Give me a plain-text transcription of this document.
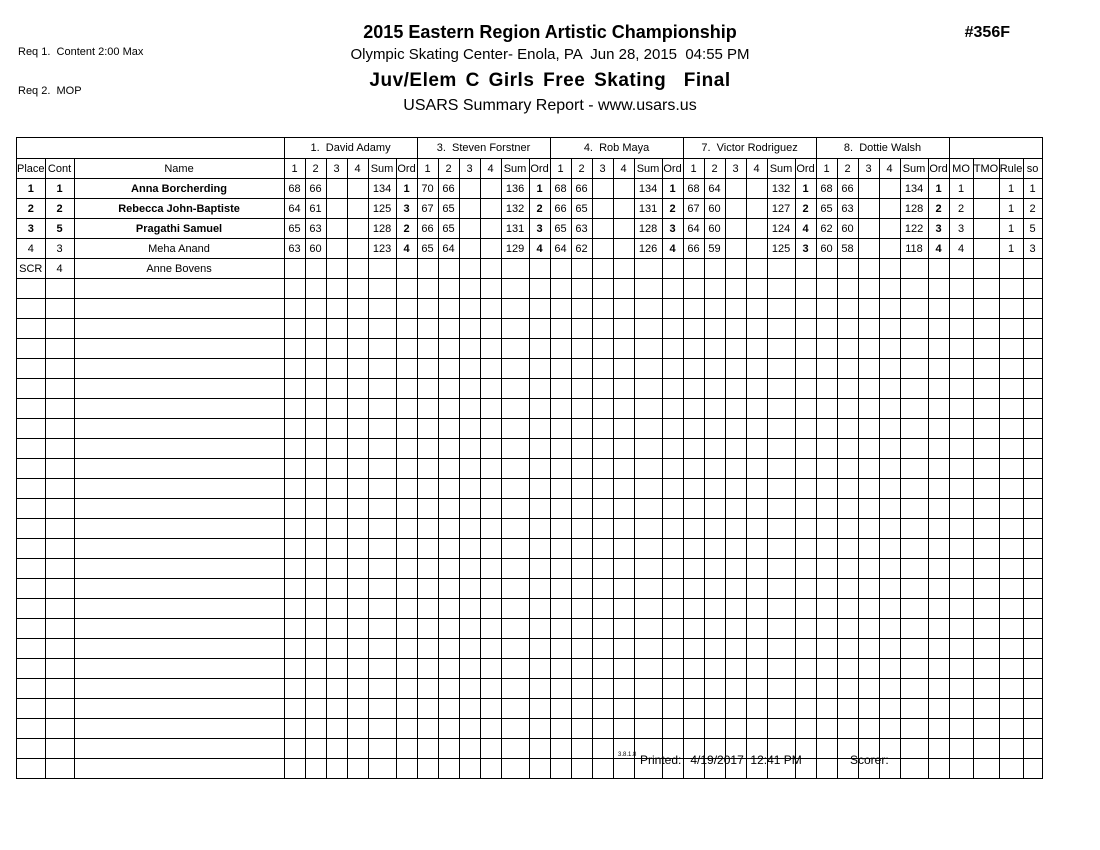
Req 1.  Content 2:00 Max

Req 2.  MOP

2015 Eastern Region Artistic Championship
Olympic Skating Center- Enola, PA  Jun 28, 2015  04:55 PM
Juv/Elem C Girls Free Skating  Final
USARS Summary Report - www.usars.us
#356F
			1.  David Adamy						3.  Steven Forstner						4.  Rob Maya						7.  Victor Rodriguez						8.  Dottie Walsh									
Place	Cont	Name	1	2	3	4	Sum	Ord	1	2	3	4	Sum	Ord	1	2	3	4	Sum	Ord	1	2	3	4	Sum	Ord	1	2	3	4	Sum	Ord	MO	TMO	Rule	so
1	1	Anna Borcherding	68	66			134	1	70	66			136	1	68	66			134	1	68	64			132	1	68	66			134	1	1		1	1
2	2	Rebecca John-Baptiste	64	61			125	3	67	65			132	2	66	65			131	2	67	60			127	2	65	63			128	2	2		1	2
3	5	Pragathi Samuel	65	63			128	2	66	65			131	3	65	63			128	3	64	60			124	4	62	60			122	3	3		1	5
4	3	Meha Anand	63	60			123	4	65	64			129	4	64	62			126	4	66	59			125	3	60	58			118	4	4		1	3
SCR	4	Anne Bovens																																		

3.8.1.8 Printed: 4/19/2017  12:41 PM	Scorer:
